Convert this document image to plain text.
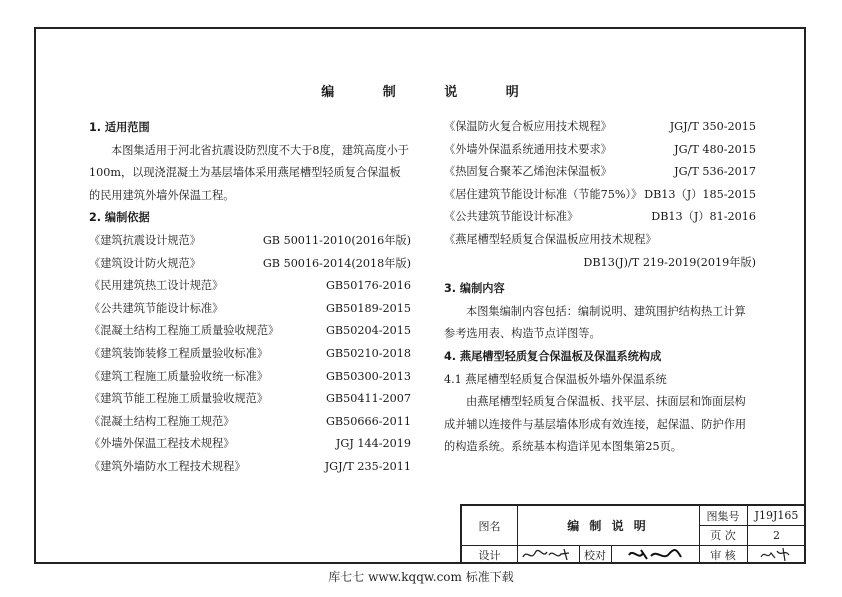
编 制 说 明
1. 适用范围

本图集适用于河北省抗震设防烈度不大于8度，建筑高度小于100m，以现浇混凝土为基层墙体采用燕尾槽型轻质复合保温板的民用建筑外墙外保温工程。

2. 编制依据
《建筑抗震设计规范》	GB 50011-2010(2016年版)
《建筑设计防火规范》	GB 50016-2014(2018年版)
《民用建筑热工设计规范》	GB50176-2016
《公共建筑节能设计标准》	GB50189-2015
《混凝土结构工程施工质量验收规范》	GB50204-2015
《建筑装饰装修工程质量验收标准》	GB50210-2018
《建筑工程施工质量验收统一标准》	GB50300-2013
《建筑节能工程施工质量验收规范》	GB50411-2007
《混凝土结构工程施工规范》	GB50666-2011
《外墙外保温工程技术规程》	JGJ 144-2019
《建筑外墙防水工程技术规程》	JGJ/T 235-2011
《保温防火复合板应用技术规程》	JGJ/T 350-2015
《外墙外保温系统通用技术要求》	JG/T 480-2015
《热固复合聚苯乙烯泡沫保温板》	JG/T 536-2017
《居住建筑节能设计标准（节能75%）》 DB13（J）185-2015
《公共建筑节能设计标准》	DB13（J）81-2016
《燕尾槽型轻质复合保温板应用技术规程》
DB13(J)/T 219-2019(2019年版)
3. 编制内容

本图集编制内容包括：编制说明、建筑围护结构热工计算参考选用表、构造节点详图等。

4. 燕尾槽型轻质复合保温板及保温系统构成
4.1 燕尾槽型轻质复合保温板外墙外保温系统

由燕尾槽型轻质复合保温板、找平层、抹面层和饰面层构成并辅以连接件与基层墙体形成有效连接，起保温、防护作用的构造系统。系统基本构造详见本图集第25页。

图名	编 制 说 明
图集号	J19J165
页 次	2
设计	校对	审 核
库七七 www.kqqw.com 标准下载
